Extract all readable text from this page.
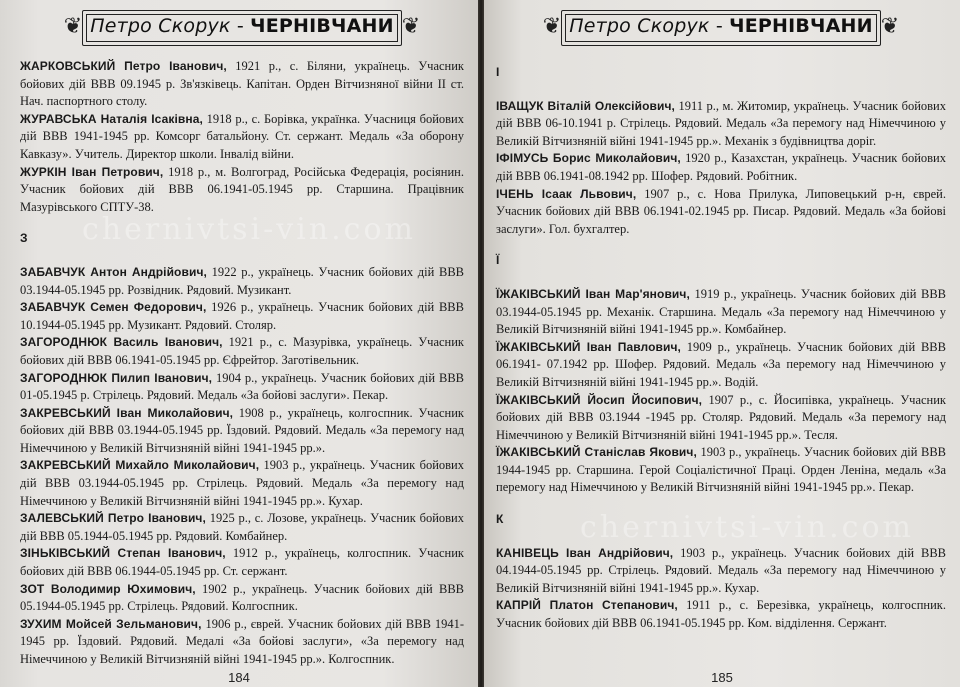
❦	❦
Петро Скорук - ЧЕРНІВЧАНИ

ЖАРКОВСЬКИЙ Петро Іванович, 1921 р., с. Біляни, українець. Учасник бойових дій ВВВ 09.1945 р. Зв'язківець. Капітан. Орден Вітчизняної війни ІІ ст. Нач. паспортного столу.

ЖУРАВСЬКА Наталія Ісаківна, 1918 р., с. Борівка, українка. Учасниця бойових дій ВВВ 1941-1945 рр. Комсорг батальйону. Ст. сержант. Медаль «За оборону Кавказу». Учитель. Директор школи. Інвалід війни.

ЖУРКІН Іван Петрович, 1918 р., м. Волгоград, Російська Федерація, росіянин. Учасник бойових дій ВВВ 06.1941-05.1945 рр. Старшина. Працівник Мазурівського СПТУ-38.

З

ЗАБАВЧУК Антон Андрійович, 1922 р., українець. Учасник бойових дій ВВВ 03.1944-05.1945 рр. Розвідник. Рядовий. Музикант.

ЗАБАВЧУК Семен Федорович, 1926 р., українець. Учасник бойових дій ВВВ 10.1944-05.1945 рр. Музикант. Рядовий. Столяр.

ЗАГОРОДНЮК Василь Іванович, 1921 р., с. Мазурівка, українець. Учасник бойових дій ВВВ 06.1941-05.1945 рр. Єфрейтор. Заготівельник.

ЗАГОРОДНЮК Пилип Іванович, 1904 р., українець. Учасник бойових дій ВВВ 01-05.1945 р. Стрілець. Рядовий. Медаль «За бойові заслуги». Пекар.

ЗАКРЕВСЬКИЙ Іван Миколайович, 1908 р., українець, колгоспник. Учасник бойових дій ВВВ 03.1944-05.1945 рр. Їздовий. Рядовий. Медаль «За перемогу над Німеччиною у Великій Вітчизняній війні 1941-1945 рр.».

ЗАКРЕВСЬКИЙ Михайло Миколайович, 1903 р., українець. Учасник бойових дій ВВВ 03.1944-05.1945 рр. Стрілець. Рядовий. Медаль «За перемогу над Німеччиною у Великій Вітчизняній війні 1941-1945 рр.». Кухар.

ЗАЛЕВСЬКИЙ Петро Іванович, 1925 р., с. Лозове, українець. Учасник бойових дій ВВВ 05.1944-05.1945 рр. Рядовий. Комбайнер.

ЗІНЬКІВСЬКИЙ Степан Іванович, 1912 р., українець, колгоспник. Учасник бойових дій ВВВ 06.1944-05.1945 рр. Ст. сержант.

ЗОТ Володимир Юхимович, 1902 р., українець. Учасник бойових дій ВВВ 05.1944-05.1945 рр. Стрілець. Рядовий. Колгоспник.

ЗУХИМ Мойсей Зельманович, 1906 р., єврей. Учасник бойових дій ВВВ 1941-1945 рр. Їздовий. Рядовий. Медалі «За бойові заслуги», «За перемогу над Німеччиною у Великій Вітчизняній війні 1941-1945 рр.». Колгоспник.

184
chernivtsi-vin.com
❦	❦
Петро Скорук - ЧЕРНІВЧАНИ

І

ІВАЩУК Віталій Олексійович, 1911 р., м. Житомир, українець. Учасник бойових дій ВВВ 06-10.1941 р. Стрілець. Рядовий. Медаль «За перемогу над Німеччиною у Великій Вітчизняній війні 1941-1945 рр.». Механік з будівництва доріг.

ІФІМУСЬ Борис Миколайович, 1920 р., Казахстан, українець. Учасник бойових дій ВВВ 06.1941-08.1942 рр. Шофер. Рядовий. Робітник.

ІЧЕНЬ Ісаак Львович, 1907 р., с. Нова Прилука, Липовецький р-н, єврей. Учасник бойових дій ВВВ 06.1941-02.1945 рр. Писар. Рядовий. Медаль «За бойові заслуги». Гол. бухгалтер.

Ї

ЇЖАКІВСЬКИЙ Іван Мар'янович, 1919 р., українець. Учасник бойових дій ВВВ 03.1944-05.1945 рр. Механік. Старшина. Медаль «За перемогу над Німеччиною у Великій Вітчизняній війні 1941-1945 рр.». Комбайнер.

ЇЖАКІВСЬКИЙ Іван Павлович, 1909 р., українець. Учасник бойових дій ВВВ 06.1941- 07.1942 рр. Шофер. Рядовий. Медаль «За перемогу над Німеччиною у Великій Вітчизняній війні 1941-1945 рр.». Водій.

ЇЖАКІВСЬКИЙ Йосип Йосипович, 1907 р., с. Йосипівка, українець. Учасник бойових дій ВВВ 03.1944 -1945 рр. Столяр. Рядовий. Медаль «За перемогу над Німеччиною у Великій Вітчизняній війні 1941-1945 рр.». Тесля.

ЇЖАКІВСЬКИЙ Станіслав Якович, 1903 р., українець. Учасник бойових дій ВВВ 1944-1945 рр. Старшина. Герой Соціалістичної Праці. Орден Леніна, медаль «За перемогу над Німеччиною у Великій Вітчизняній війні 1941-1945 рр.». Пекар.

К

КАНІВЕЦЬ Іван Андрійович, 1903 р., українець. Учасник бойових дій ВВВ 04.1944-05.1945 рр. Стрілець. Рядовий. Медаль «За перемогу над Німеччиною у Великій Вітчизняній війні 1941-1945 рр.». Кухар.

КАПРІЙ Платон Степанович, 1911 р., с. Березівка, українець, колгоспник. Учасник бойових дій ВВВ 06.1941-05.1945 рр. Ком. відділення. Сержант.

185
chernivtsi-vin.com
